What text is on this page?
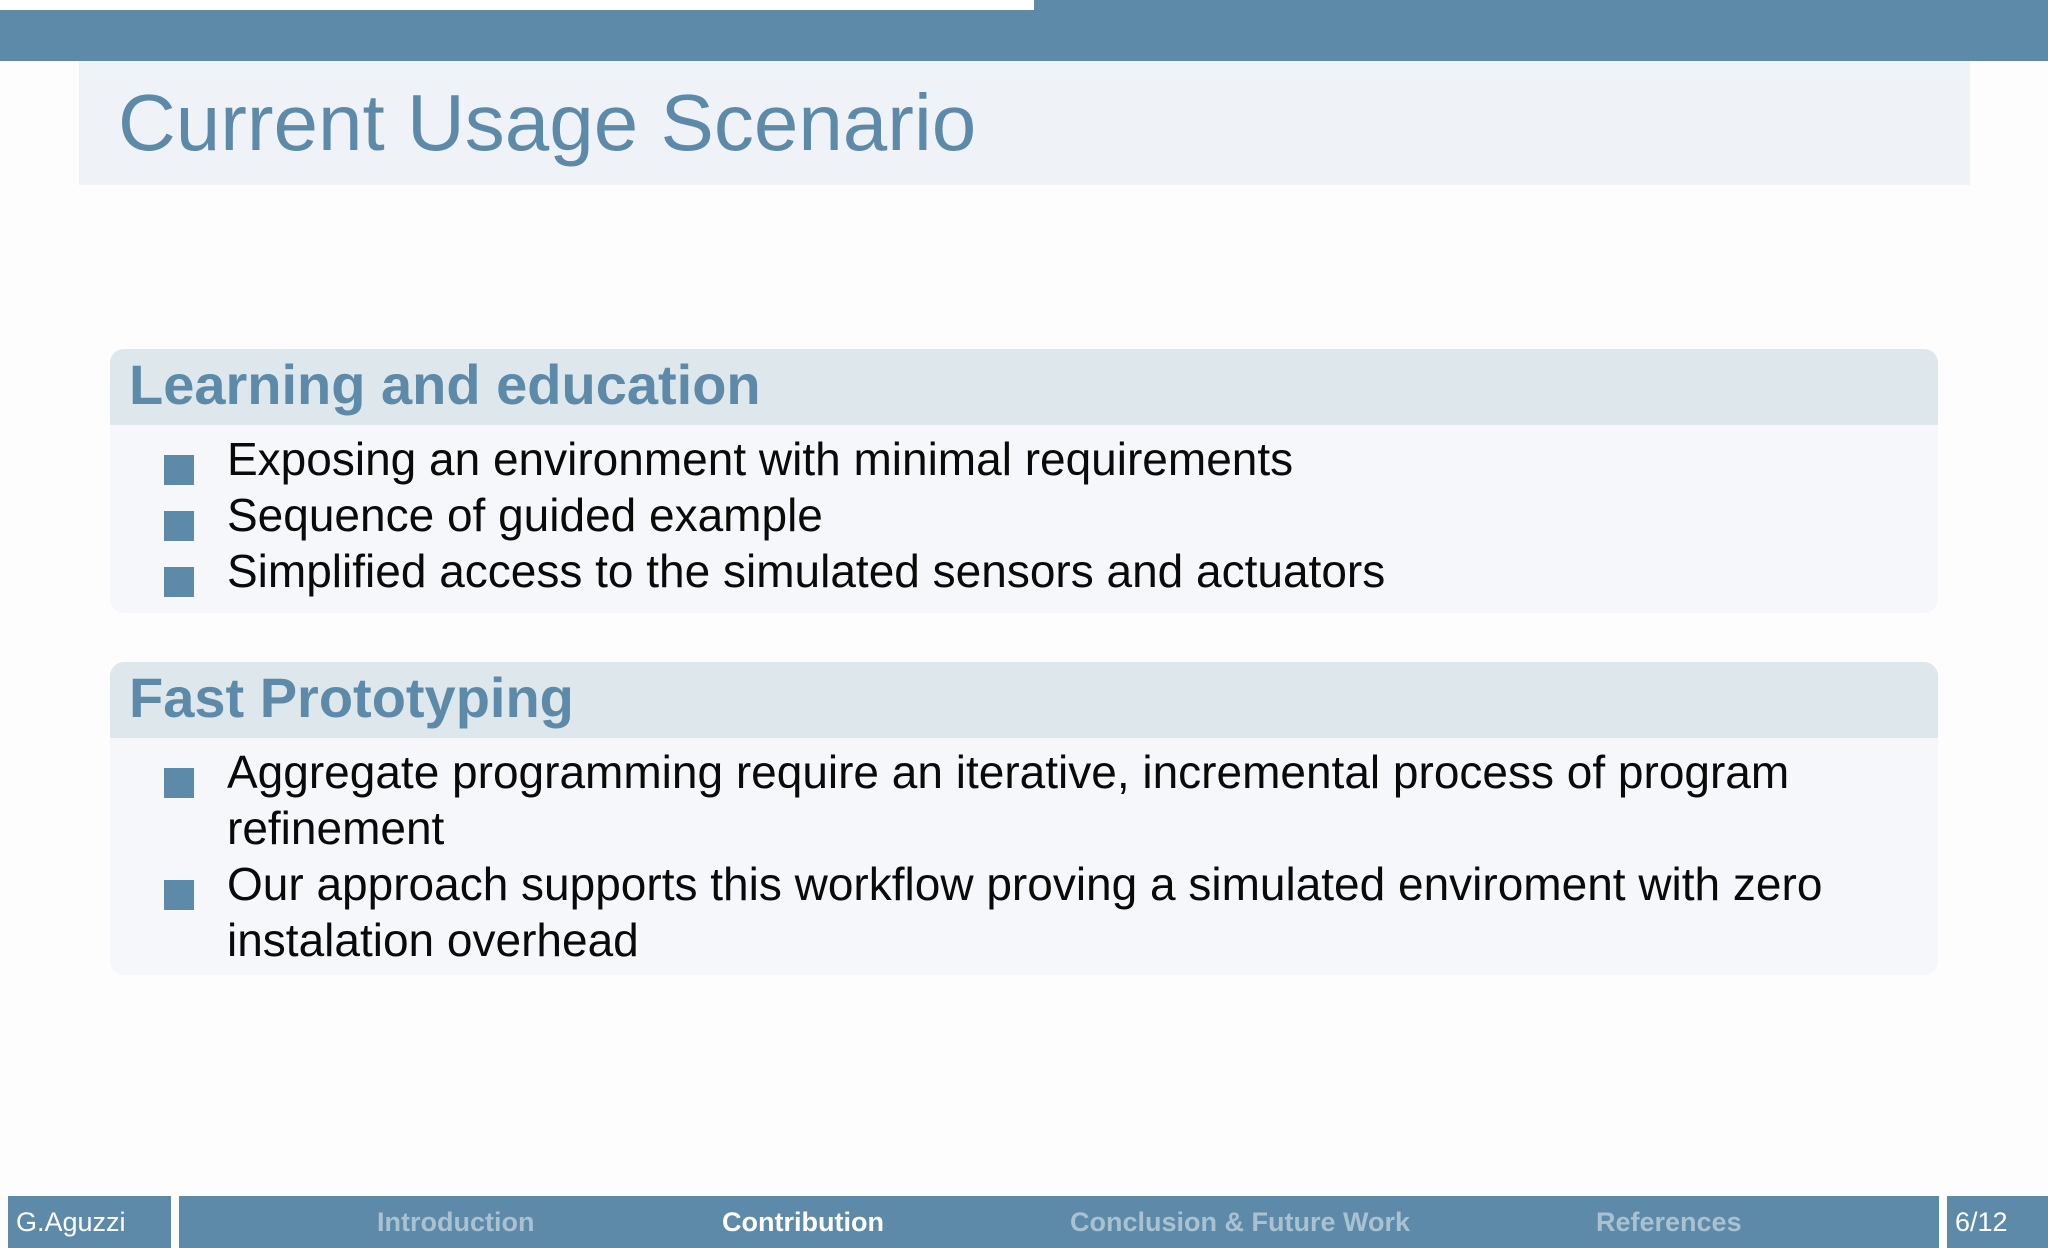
Current Usage Scenario
Learning and education
Exposing an environment with minimal requirements
Sequence of guided example
Simplified access to the simulated sensors and actuators
Fast Prototyping
Aggregate programming require an iterative, incremental process of program refinement
Our approach supports this workflow proving a simulated enviroment with zero instalation overhead
G.Aguzzi	Introduction	Contribution	Conclusion & Future Work	References	6/12
